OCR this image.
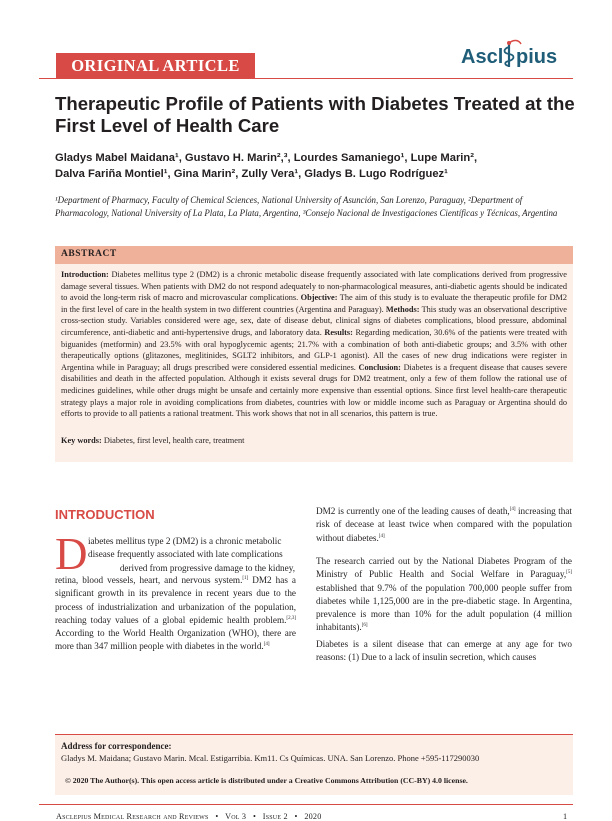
ORIGINAL ARTICLE	Ascl pius
Therapeutic Profile of Patients with Diabetes Treated at the First Level of Health Care
Gladys Mabel Maidana¹, Gustavo H. Marin²,³, Lourdes Samaniego¹, Lupe Marin²,
Dalva Fariña Montiel¹, Gina Marin², Zully Vera¹, Gladys B. Lugo Rodríguez¹

¹Department of Pharmacy, Faculty of Chemical Sciences, National University of Asunción, San Lorenzo, Paraguay, ²Department of Pharmacology, National University of La Plata, La Plata, Argentina, ³Consejo Nacional de Investigaciones Científicas y Técnicas, Argentina

ABSTRACT

Introduction: Diabetes mellitus type 2 (DM2) is a chronic metabolic disease frequently associated with late complications derived from progressive damage several tissues. When patients with DM2 do not respond adequately to non-pharmacological measures, anti-diabetic agents should be indicated to avoid the long-term risk of macro and microvascular complications. Objective: The aim of this study is to evaluate the therapeutic profile for DM2 in the first level of care in the health system in two different countries (Argentina and Paraguay). Methods: This study was an observational descriptive cross-section study. Variables considered were age, sex, date of disease debut, clinical signs of diabetes complications, blood pressure, abdominal circumference, anti-diabetic and anti-hypertensive drugs, and laboratory data. Results: Regarding medication, 30.6% of the patients were treated with biguanides (metformin) and 23.5% with oral hypoglycemic agents; 21.7% with a combination of both anti-diabetic groups; and 3.5% with other therapeutically options (glitazones, meglitinides, SGLT2 inhibitors, and GLP-1 agonist). All the cases of new drug indications were register in Argentina while in Paraguay; all drugs prescribed were considered essential medicines. Conclusion: Diabetes is a frequent disease that causes severe disabilities and death in the affected population. Although it exists several drugs for DM2 treatment, only a few of them follow the rational use of medicines guidelines, while other drugs might be unsafe and certainly more expensive than essential options. Since first level health-care therapeutic strategy plays a major role in avoiding complications from diabetes, countries with low or middle income such as Paraguay or Argentina should do efforts to provide to all patients a rational treatment. This work shows that not in all scenarios, this pattern is true.

Key words: Diabetes, first level, health care, treatment

INTRODUCTION
D iabetes mellitus type 2 (DM2) is a chronic metabolic
disease frequently associated with late complications
derived from progressive damage to the kidney,

retina, blood vessels, heart, and nervous system.[1] DM2 has a significant growth in its prevalence in recent years due to the process of industrialization and urbanization of the population, reaching today values of a global epidemic health problem.[2,3] According to the World Health Organization (WHO), there are more than 347 million people with diabetes in the world.[4]

DM2 is currently one of the leading causes of death,[4] increasing that risk of decease at least twice when compared with the population without diabetes.[4]

The research carried out by the National Diabetes Program of the Ministry of Public Health and Social Welfare in Paraguay,[5] established that 9.7% of the population 700,000 people suffer from diabetes while 1,125,000 are in the pre-diabetic stage. In Argentina, prevalence is more than 10% for the adult population (4 million inhabitants).[6]

Diabetes is a silent disease that can emerge at any age for two reasons: (1) Due to a lack of insulin secretion, which causes

Address for correspondence:

Gladys M. Maidana; Gustavo Marin. Mcal. Estigarribia. Km11. Cs Químicas. UNA. San Lorenzo. Phone +595-117290030

© 2020 The Author(s). This open access article is distributed under a Creative Commons Attribution (CC-BY) 4.0 license.

Asclepius Medical Research and Reviews • Vol 3 • Issue 2 • 2020	1
